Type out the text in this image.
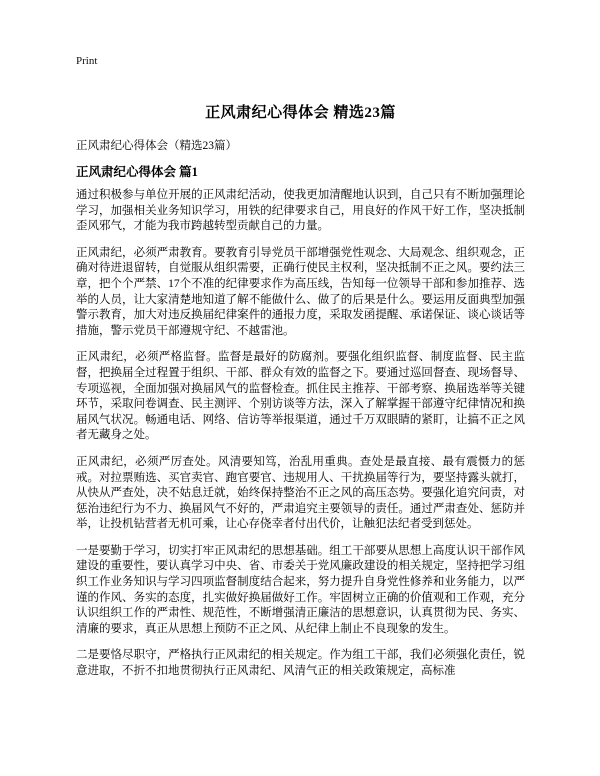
Print
正风肃纪心得体会 精选23篇
正风肃纪心得体会（精选23篇）
正风肃纪心得体会 篇1

通过积极参与单位开展的正风肃纪活动，使我更加清醒地认识到，自己只有不断加强理论学习，加强相关业务知识学习，用铁的纪律要求自己，用良好的作风干好工作，坚决抵制歪风邪气，才能为我市跨越转型贡献自己的力量。

正风肃纪，必须严肃教育。要教育引导党员干部增强党性观念、大局观念、组织观念，正确对待进退留转，自觉服从组织需要，正确行使民主权利，坚决抵制不正之风。要约法三章，把个个严禁、17个不准的纪律要求作为高压线，告知每一位领导干部和参加推荐、选举的人员，让大家清楚地知道了解不能做什么、做了的后果是什么。要运用反面典型加强警示教育，加大对违反换届纪律案件的通报力度，采取发函提醒、承诺保证、谈心谈话等措施，警示党员干部遵规守纪、不越雷池。

正风肃纪，必须严格监督。监督是最好的防腐剂。要强化组织监督、制度监督、民主监督，把换届全过程置于组织、干部、群众有效的监督之下。要通过巡回督查、现场督导、专项巡视，全面加强对换届风气的监督检查。抓住民主推荐、干部考察、换届选举等关键环节，采取问卷调查、民主测评、个别访谈等方法，深入了解掌握干部遵守纪律情况和换届风气状况。畅通电话、网络、信访等举报渠道，通过千万双眼睛的紧盯，让搞不正之风者无藏身之处。

正风肃纪，必须严厉查处。风清要知笃，治乱用重典。查处是最直接、最有震慑力的惩戒。对拉票贿选、买官卖官、跑官要官、违规用人、干扰换届等行为，要坚持露头就打，从快从严查处，决不姑息迁就，始终保持整治不正之风的高压态势。要强化追究问责，对惩治违纪行为不力、换届风气不好的，严肃追究主要领导的责任。通过严肃查处、惩防并举，让投机钻营者无机可乘，让心存侥幸者付出代价，让触犯法纪者受到惩处。

一是要勤于学习，切实打牢正风肃纪的思想基础。组工干部要从思想上高度认识干部作风建设的重要性，要认真学习中央、省、市委关于党风廉政建设的相关规定，坚持把学习组织工作业务知识与学习四项监督制度结合起来，努力提升自身党性修养和业务能力，以严谨的作风、务实的态度，扎实做好换届做好工作。牢固树立正确的价值观和工作观，充分认识组织工作的严肃性、规范性，不断增强清正廉洁的思想意识，认真贯彻为民、务实、清廉的要求，真正从思想上预防不正之风、从纪律上制止不良现象的发生。

二是要恪尽职守，严格执行正风肃纪的相关规定。作为组工干部，我们必须强化责任，锐意进取，不折不扣地贯彻执行正风肃纪、风清气正的相关政策规定，高标准
